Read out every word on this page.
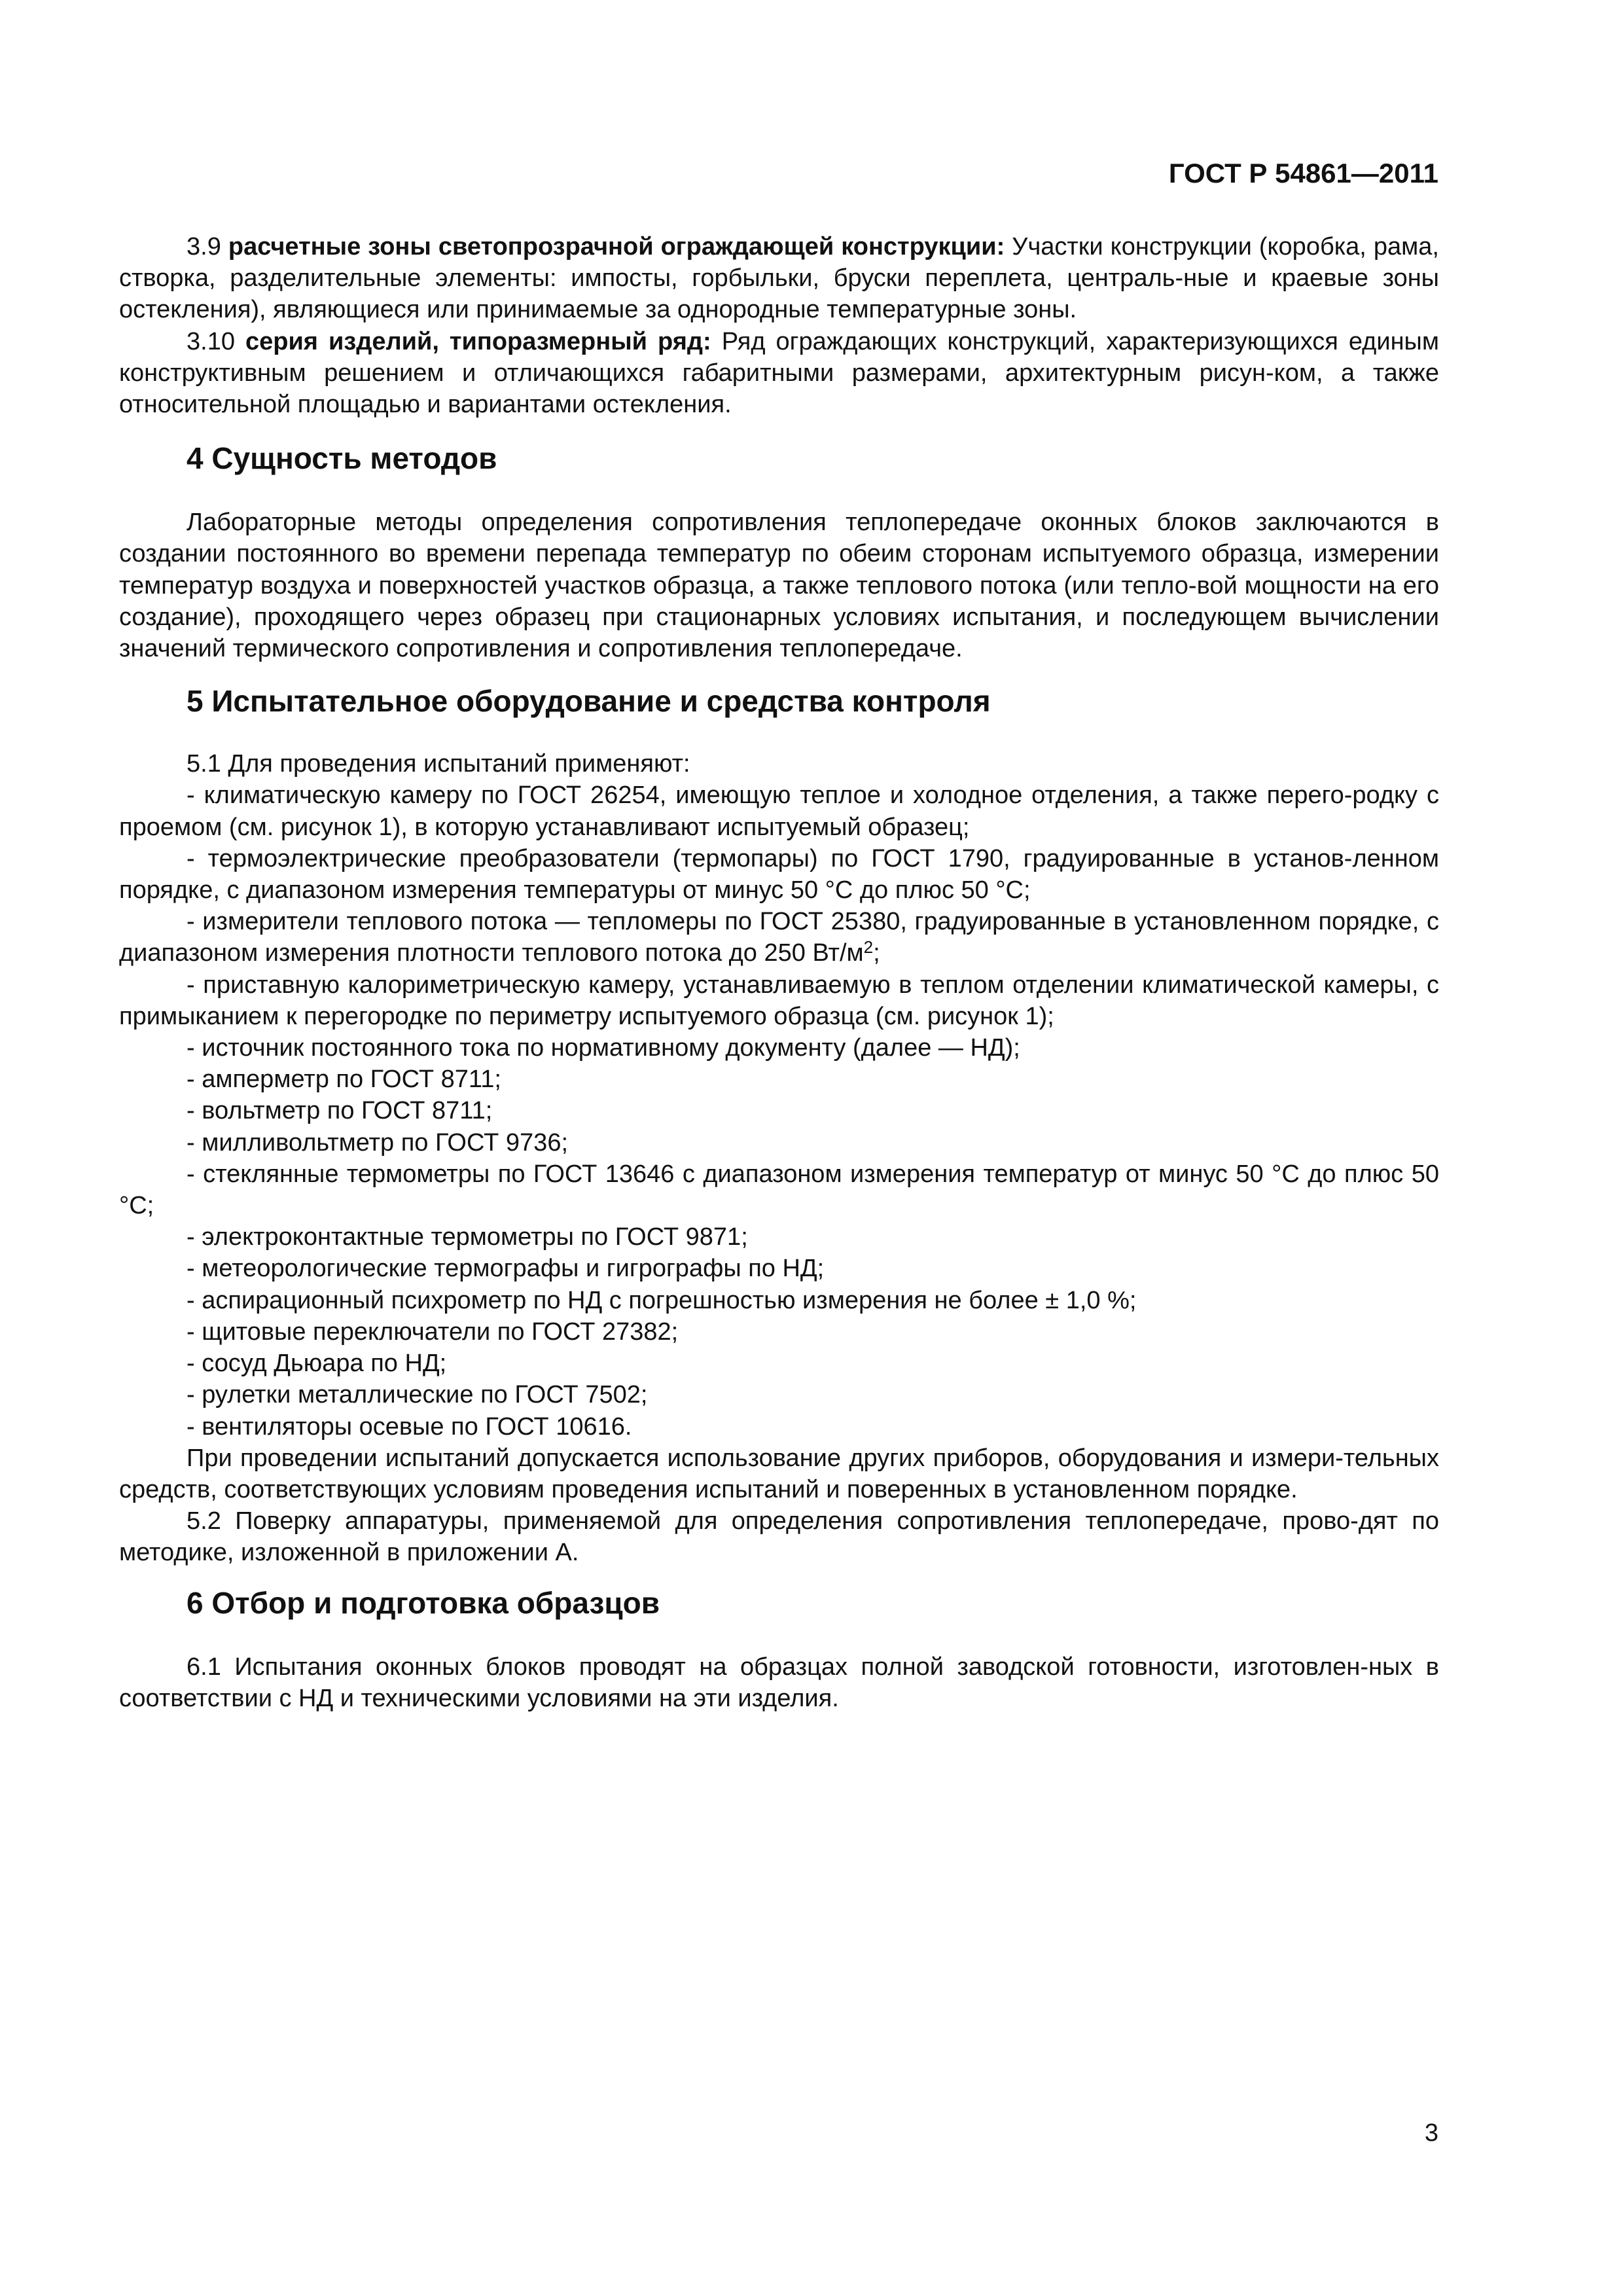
ГОСТ Р 54861—2011

3.9 расчетные зоны светопрозрачной ограждающей конструкции: Участки конструкции (коробка, рама, створка, разделительные элементы: импосты, горбыльки, бруски переплета, централь-ные и краевые зоны остекления), являющиеся или принимаемые за однородные температурные зоны.

3.10 серия изделий, типоразмерный ряд: Ряд ограждающих конструкций, характеризующихся единым конструктивным решением и отличающихся габаритными размерами, архитектурным рисун-ком, а также относительной площадью и вариантами остекления.

4 Сущность методов

Лабораторные методы определения сопротивления теплопередаче оконных блоков заключаются в создании постоянного во времени перепада температур по обеим сторонам испытуемого образца, измерении температур воздуха и поверхностей участков образца, а также теплового потока (или тепло-вой мощности на его создание), проходящего через образец при стационарных условиях испытания, и последующем вычислении значений термического сопротивления и сопротивления теплопередаче.

5 Испытательное оборудование и средства контроля

5.1 Для проведения испытаний применяют:

- климатическую камеру по ГОСТ 26254, имеющую теплое и холодное отделения, а также перего-родку с проемом (см. рисунок 1), в которую устанавливают испытуемый образец;

- термоэлектрические преобразователи (термопары) по ГОСТ 1790, градуированные в установ-ленном порядке, с диапазоном измерения температуры от минус 50 °С до плюс 50 °С;

- измерители теплового потока — тепломеры по ГОСТ 25380, градуированные в установленном порядке, с диапазоном измерения плотности теплового потока до 250 $Вт/м^2$;

- приставную калориметрическую камеру, устанавливаемую в теплом отделении климатической камеры, с примыканием к перегородке по периметру испытуемого образца (см. рисунок 1);

- источник постоянного тока по нормативному документу (далее — НД);

- амперметр по ГОСТ 8711;

- вольтметр по ГОСТ 8711;

- милливольтметр по ГОСТ 9736;

- стеклянные термометры по ГОСТ 13646 с диапазоном измерения температур от минус 50 °С до плюс 50 °С;

- электроконтактные термометры по ГОСТ 9871;

- метеорологические термографы и гигрографы по НД;

- аспирационный психрометр по НД с погрешностью измерения не более ± 1,0 %;

- щитовые переключатели по ГОСТ 27382;

- сосуд Дьюара по НД;

- рулетки металлические по ГОСТ 7502;

- вентиляторы осевые по ГОСТ 10616.

При проведении испытаний допускается использование других приборов, оборудования и измери-тельных средств, соответствующих условиям проведения испытаний и поверенных в установленном порядке.

5.2 Поверку аппаратуры, применяемой для определения сопротивления теплопередаче, прово-дят по методике, изложенной в приложении А.

6 Отбор и подготовка образцов

6.1 Испытания оконных блоков проводят на образцах полной заводской готовности, изготовлен-ных в соответствии с НД и техническими условиями на эти изделия.

3
